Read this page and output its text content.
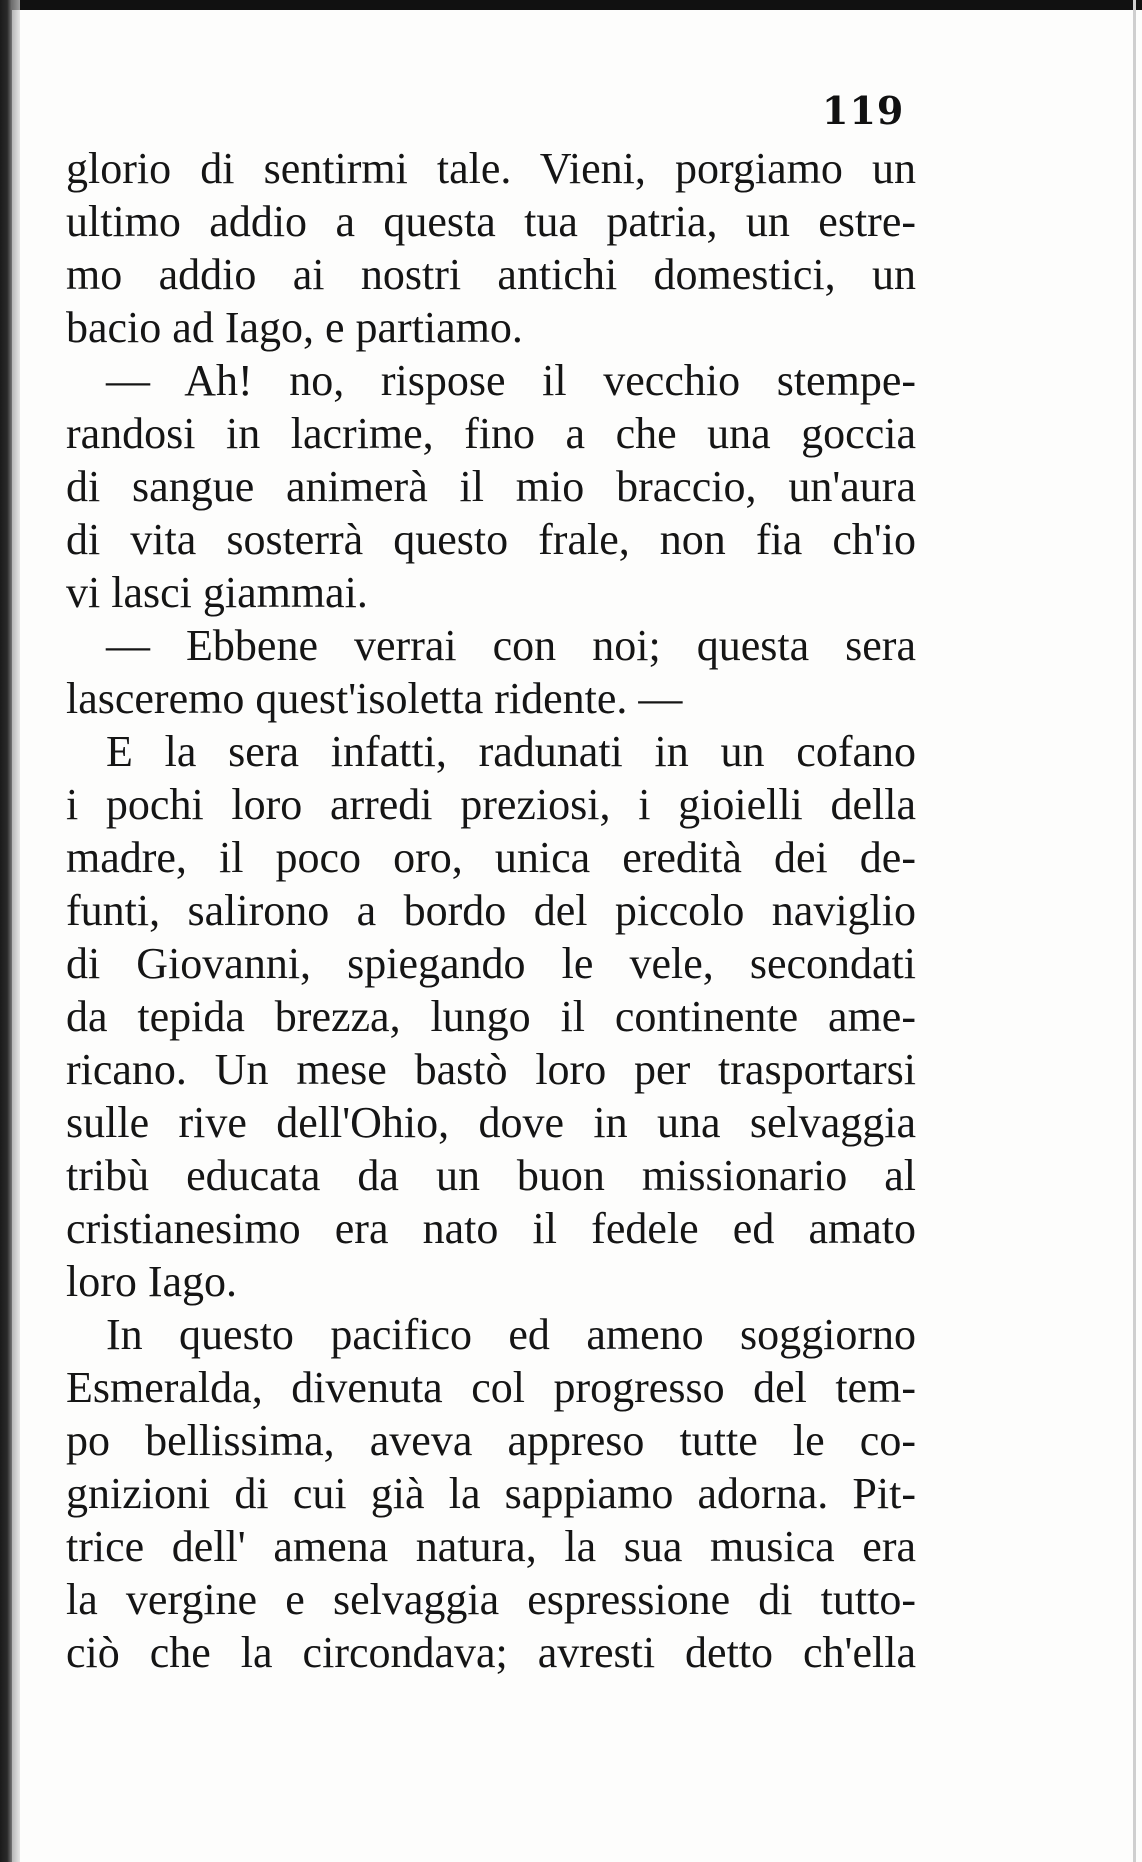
119
glorio di sentirmi tale. Vieni, porgiamo un
ultimo addio a questa tua patria, un estre-
mo addio ai nostri antichi domestici, un
bacio ad Iago, e partiamo.
— Ah! no, rispose il vecchio stempe-
randosi in lacrime, fino a che una goccia
di sangue animerà il mio braccio, un'aura
di vita sosterrà questo frale, non fia ch'io
vi lasci giammai.
— Ebbene verrai con noi; questa sera
lasceremo quest'isoletta ridente. —
E la sera infatti, radunati in un cofano
i pochi loro arredi preziosi, i gioielli della
madre, il poco oro, unica eredità dei de-
funti, salirono a bordo del piccolo naviglio
di Giovanni, spiegando le vele, secondati
da tepida brezza, lungo il continente ame-
ricano. Un mese bastò loro per trasportarsi
sulle rive dell'Ohio, dove in una selvaggia
tribù educata da un buon missionario al
cristianesimo era nato il fedele ed amato
loro Iago.
In questo pacifico ed ameno soggiorno
Esmeralda, divenuta col progresso del tem-
po bellissima, aveva appreso tutte le co-
gnizioni di cui già la sappiamo adorna. Pit-
trice dell' amena natura, la sua musica era
la vergine e selvaggia espressione di tutto-
ciò che la circondava; avresti detto ch'ella
